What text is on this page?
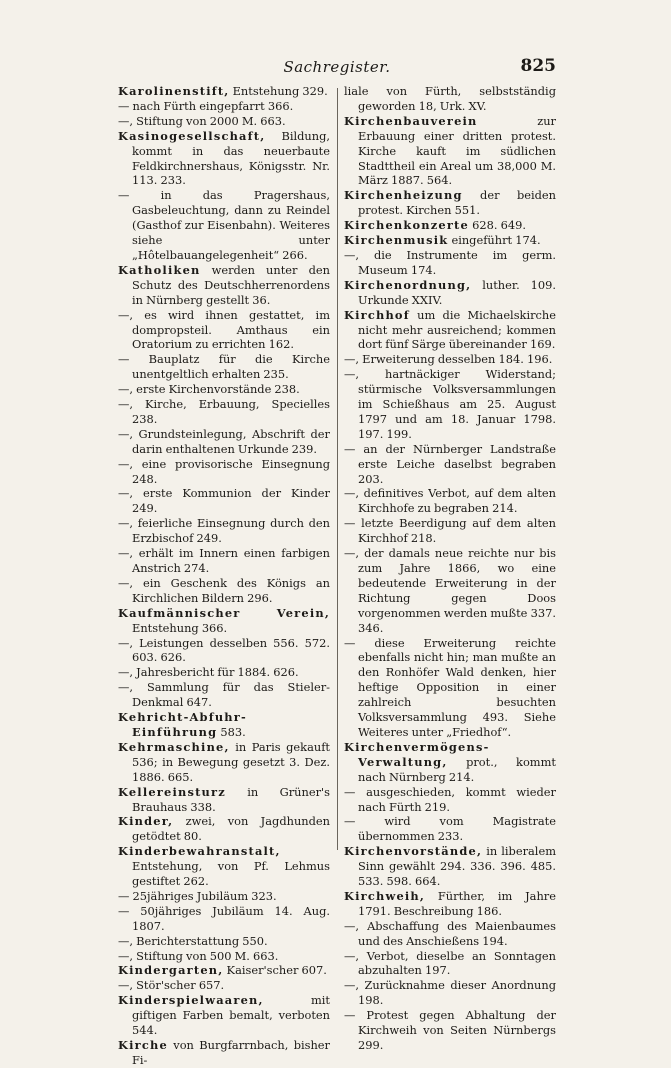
Sachregister.	825

Karolinenstift, Entstehung 329.

— nach Fürth eingepfarrt 366.

—, Stiftung von 2000 M. 663.

Kasinogesellschaft, Bildung, kommt in das neuerbaute Feldkirchnershaus, Königsstr. Nr. 113. 233.

— in das Pragershaus, Gasbeleuchtung, dann zu Reindel (Gasthof zur Eisenbahn). Weiteres siehe unter „Hôtelbauangelegenheit“ 266.

Katholiken werden unter den Schutz des Deutschherrenordens in Nürnberg gestellt 36.

—, es wird ihnen gestattet, im dompropsteil. Amthaus ein Oratorium zu errichten 162.

— Bauplatz für die Kirche unentgeltlich erhalten 235.

—, erste Kirchenvorstände 238.

—, Kirche, Erbauung, Specielles 238.

—, Grundsteinlegung, Abschrift der darin enthaltenen Urkunde 239.

—, eine provisorische Einsegnung 248.

—, erste Kommunion der Kinder 249.

—, feierliche Einsegnung durch den Erzbischof 249.

—, erhält im Innern einen farbigen Anstrich 274.

—, ein Geschenk des Königs an Kirchlichen Bildern 296.

Kaufmännischer Verein, Entstehung 366.

—, Leistungen desselben 556. 572. 603. 626.

—, Jahresbericht für 1884. 626.

—, Sammlung für das Stieler-Denkmal 647.

Kehricht-Abfuhr-Einführung 583.

Kehrmaschine, in Paris gekauft 536; in Bewegung gesetzt 3. Dez. 1886. 665.

Kellereinsturz in Grüner's Brauhaus 338.

Kinder, zwei, von Jagdhunden getödtet 80.

Kinderbewahranstalt, Entstehung, von Pf. Lehmus gestiftet 262.

— 25jähriges Jubiläum 323.

— 50jähriges Jubiläum 14. Aug. 1807.

—, Berichterstattung 550.

—, Stiftung von 500 M. 663.

Kindergarten, Kaiser'scher 607.

—, Stör'scher 657.

Kinderspielwaaren, mit giftigen Farben bemalt, verboten 544.

Kirche von Burgfarrnbach, bisher Fi-

liale von Fürth, selbstständig geworden 18, Urk. XV.

Kirchenbauverein zur Erbauung einer dritten protest. Kirche kauft im südlichen Stadttheil ein Areal um 38,000 M. März 1887. 564.

Kirchenheizung der beiden protest. Kirchen 551.

Kirchenkonzerte 628. 649.

Kirchenmusik eingeführt 174.

—, die Instrumente im germ. Museum 174.

Kirchenordnung, luther. 109. Urkunde XXIV.

Kirchhof um die Michaelskirche nicht mehr ausreichend; kommen dort fünf Särge übereinander 169.

—, Erweiterung desselben 184. 196.

—, hartnäckiger Widerstand; stürmische Volksversammlungen im Schießhaus am 25. August 1797 und am 18. Januar 1798. 197. 199.

— an der Nürnberger Landstraße erste Leiche daselbst begraben 203.

—, definitives Verbot, auf dem alten Kirchhofe zu begraben 214.

— letzte Beerdigung auf dem alten Kirchhof 218.

—, der damals neue reichte nur bis zum Jahre 1866, wo eine bedeutende Erweiterung in der Richtung gegen Doos vorgenommen werden mußte 337. 346.

— diese Erweiterung reichte ebenfalls nicht hin; man mußte an den Ronhöfer Wald denken, hier heftige Opposition in einer zahlreich besuchten Volksversammlung 493. Siehe Weiteres unter „Friedhof“.

Kirchenvermögens-Verwaltung, prot., kommt nach Nürnberg 214.

— ausgeschieden, kommt wieder nach Fürth 219.

— wird vom Magistrate übernommen 233.

Kirchenvorstände, in liberalem Sinn gewählt 294. 336. 396. 485. 533. 598. 664.

Kirchweih, Fürther, im Jahre 1791. Beschreibung 186.

—, Abschaffung des Maienbaumes und des Anschießens 194.

—, Verbot, dieselbe an Sonntagen abzuhalten 197.

—, Zurücknahme dieser Anordnung 198.

— Protest gegen Abhaltung der Kirchweih von Seiten Nürnbergs 299.
